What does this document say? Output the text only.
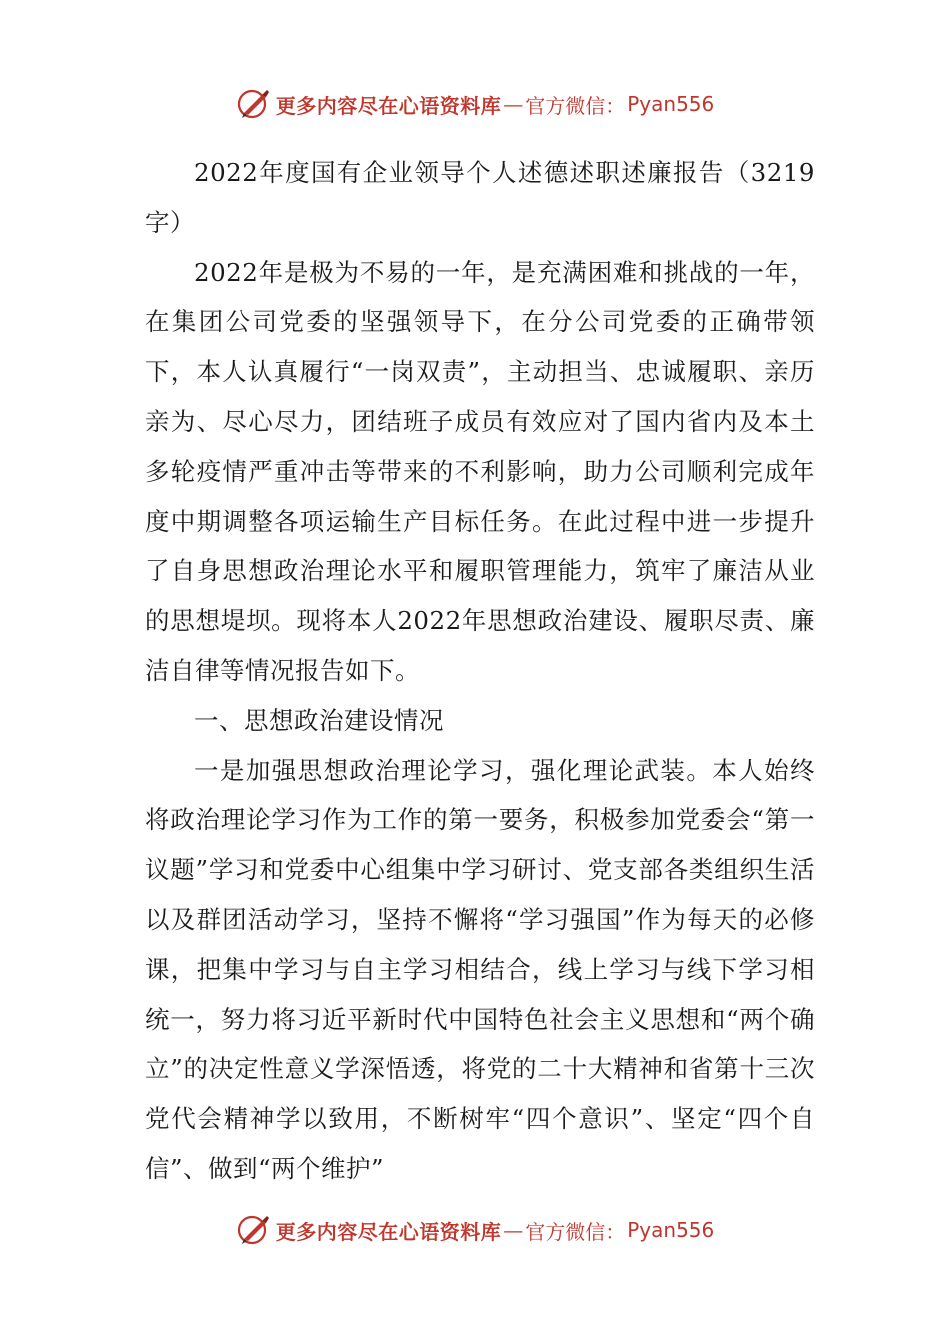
更多内容尽在心语资料库 — 官方微信： Pyan556

2022年度国有企业领导个人述德述职述廉报告（3219字）

2022年是极为不易的一年，是充满困难和挑战的一年，在集团公司党委的坚强领导下，在分公司党委的正确带领下，本人认真履行“一岗双责”，主动担当、忠诚履职、亲历亲为、尽心尽力，团结班子成员有效应对了国内省内及本土多轮疫情严重冲击等带来的不利影响，助力公司顺利完成年度中期调整各项运输生产目标任务。在此过程中进一步提升了自身思想政治理论水平和履职管理能力，筑牢了廉洁从业的思想堤坝。现将本人2022年思想政治建设、履职尽责、廉洁自律等情况报告如下。

一、思想政治建设情况

一是加强思想政治理论学习，强化理论武装。本人始终将政治理论学习作为工作的第一要务，积极参加党委会“第一议题”学习和党委中心组集中学习研讨、党支部各类组织生活以及群团活动学习，坚持不懈将“学习强国”作为每天的必修课，把集中学习与自主学习相结合，线上学习与线下学习相统一，努力将习近平新时代中国特色社会主义思想和“两个确立”的决定性意义学深悟透，将党的二十大精神和省第十三次党代会精神学以致用，不断树牢“四个意识”、坚定“四个自信”、做到“两个维护”

更多内容尽在心语资料库 — 官方微信： Pyan556
